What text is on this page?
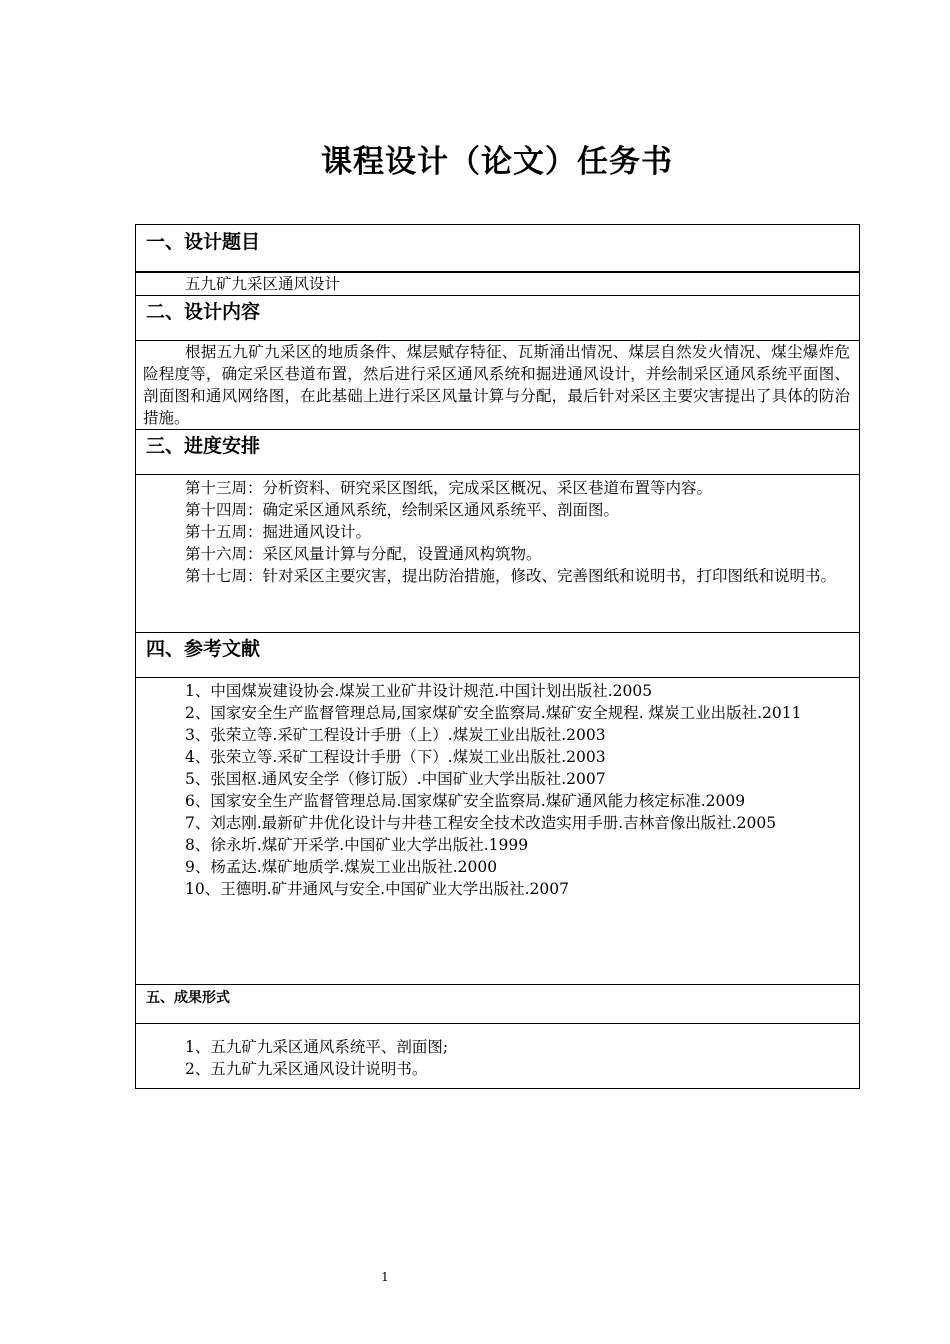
课程设计（论文）任务书
一、设计题目
五九矿九采区通风设计
二、设计内容
根据五九矿九采区的地质条件、煤层赋存特征、瓦斯涌出情况、煤层自然发火情况、煤尘爆炸危险程度等，确定采区巷道布置，然后进行采区通风系统和掘进通风设计，并绘制采区通风系统平面图、剖面图和通风网络图，在此基础上进行采区风量计算与分配，最后针对采区主要灾害提出了具体的防治措施。
三、进度安排
第十三周：分析资料、研究采区图纸，完成采区概况、采区巷道布置等内容。
第十四周：确定采区通风系统，绘制采区通风系统平、剖面图。
第十五周：掘进通风设计。
第十六周：采区风量计算与分配，设置通风构筑物。
第十七周：针对采区主要灾害，提出防治措施，修改、完善图纸和说明书，打印图纸和说明书。
四、参考文献
1、中国煤炭建设协会.煤炭工业矿井设计规范.中国计划出版社.2005
2、国家安全生产监督管理总局,国家煤矿安全监察局.煤矿安全规程. 煤炭工业出版社.2011
3、张荣立等.采矿工程设计手册（上）.煤炭工业出版社.2003
4、张荣立等.采矿工程设计手册（下）.煤炭工业出版社.2003
5、张国枢.通风安全学（修订版）.中国矿业大学出版社.2007
6、国家安全生产监督管理总局.国家煤矿安全监察局.煤矿通风能力核定标准.2009
7、刘志刚.最新矿井优化设计与井巷工程安全技术改造实用手册.吉林音像出版社.2005
8、徐永圻.煤矿开采学.中国矿业大学出版社.1999
9、杨孟达.煤矿地质学.煤炭工业出版社.2000
10、王德明.矿井通风与安全.中国矿业大学出版社.2007
五、成果形式
1、五九矿九采区通风系统平、剖面图;
2、五九矿九采区通风设计说明书。
1
